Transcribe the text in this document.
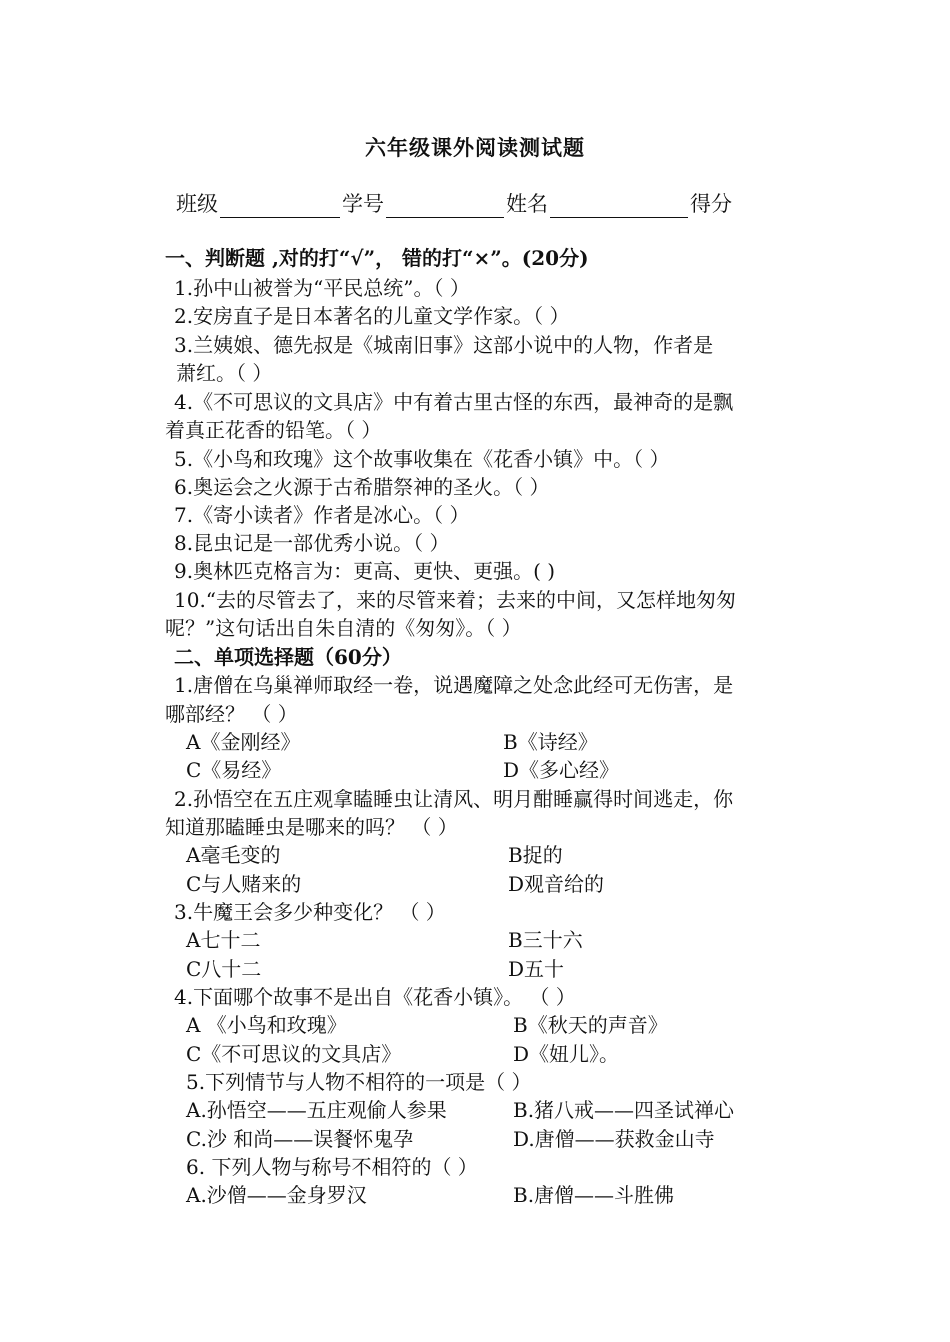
六年级课外阅读测试题
班级	学号	姓名	得分
一、判断题 ,对的打“√”， 错的打“×”。(20分)
1.孙中山被誉为“平民总统”。（ ）
2.安房直子是日本著名的儿童文学作家。（ ）
3.兰姨娘、德先叔是《城南旧事》这部小说中的人物，作者是
萧红。（ ）
4.《不可思议的文具店》中有着古里古怪的东西，最神奇的是飘
着真正花香的铅笔。（ ）
5.《小鸟和玫瑰》这个故事收集在《花香小镇》中。（ ）
6.奥运会之火源于古希腊祭神的圣火。（ ）
7.《寄小读者》作者是冰心。（ ）
8.昆虫记是一部优秀小说。（ ）
9.奥林匹克格言为：更高、更快、更强。( )
10.“去的尽管去了，来的尽管来着；去来的中间，又怎样地匆匆
呢？”这句话出自朱自清的《匆匆》。（ ）
二、单项选择题（60分）
1.唐僧在乌巢禅师取经一卷，说遇魔障之处念此经可无伤害，是
哪部经？ （ ）
A《金刚经》	B《诗经》
C《易经》	D《多心经》
2.孙悟空在五庄观拿瞌睡虫让清风、明月酣睡赢得时间逃走，你
知道那瞌睡虫是哪来的吗？ （ ）
A毫毛变的	B捉的
C与人赌来的	D观音给的
3.牛魔王会多少种变化？ （ ）
A七十二	B三十六
C八十二	D五十
4.下面哪个故事不是出自《花香小镇》。 （ ）
A 《小鸟和玫瑰》	B《秋天的声音》
C《不可思议的文具店》	D《妞儿》。
5.下列情节与人物不相符的一项是（ ）
A.孙悟空——五庄观偷人参果	B.猪八戒——四圣试禅心
C.沙 和尚——误餐怀鬼孕	D.唐僧——获救金山寺
6. 下列人物与称号不相符的（ ）
A.沙僧——金身罗汉	B.唐僧——斗胜佛
